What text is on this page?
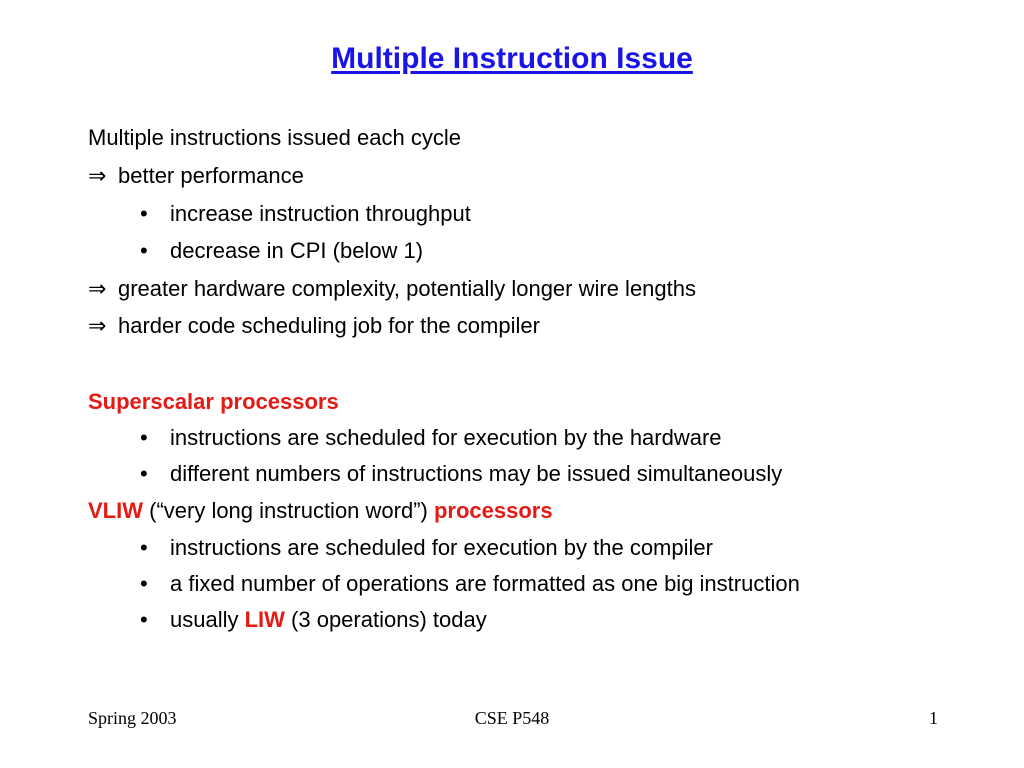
Multiple Instruction Issue
Multiple instructions issued each cycle
⇒ better performance
• increase instruction throughput
• decrease in CPI (below 1)
⇒ greater hardware complexity, potentially longer wire lengths
⇒ harder code scheduling job for the compiler
Superscalar processors
• instructions are scheduled for execution by the hardware
• different numbers of instructions may be issued simultaneously
VLIW (“very long instruction word”) processors
• instructions are scheduled for execution by the compiler
• a fixed number of operations are formatted as one big instruction
• usually LIW (3 operations) today
Spring 2003	CSE P548	1
